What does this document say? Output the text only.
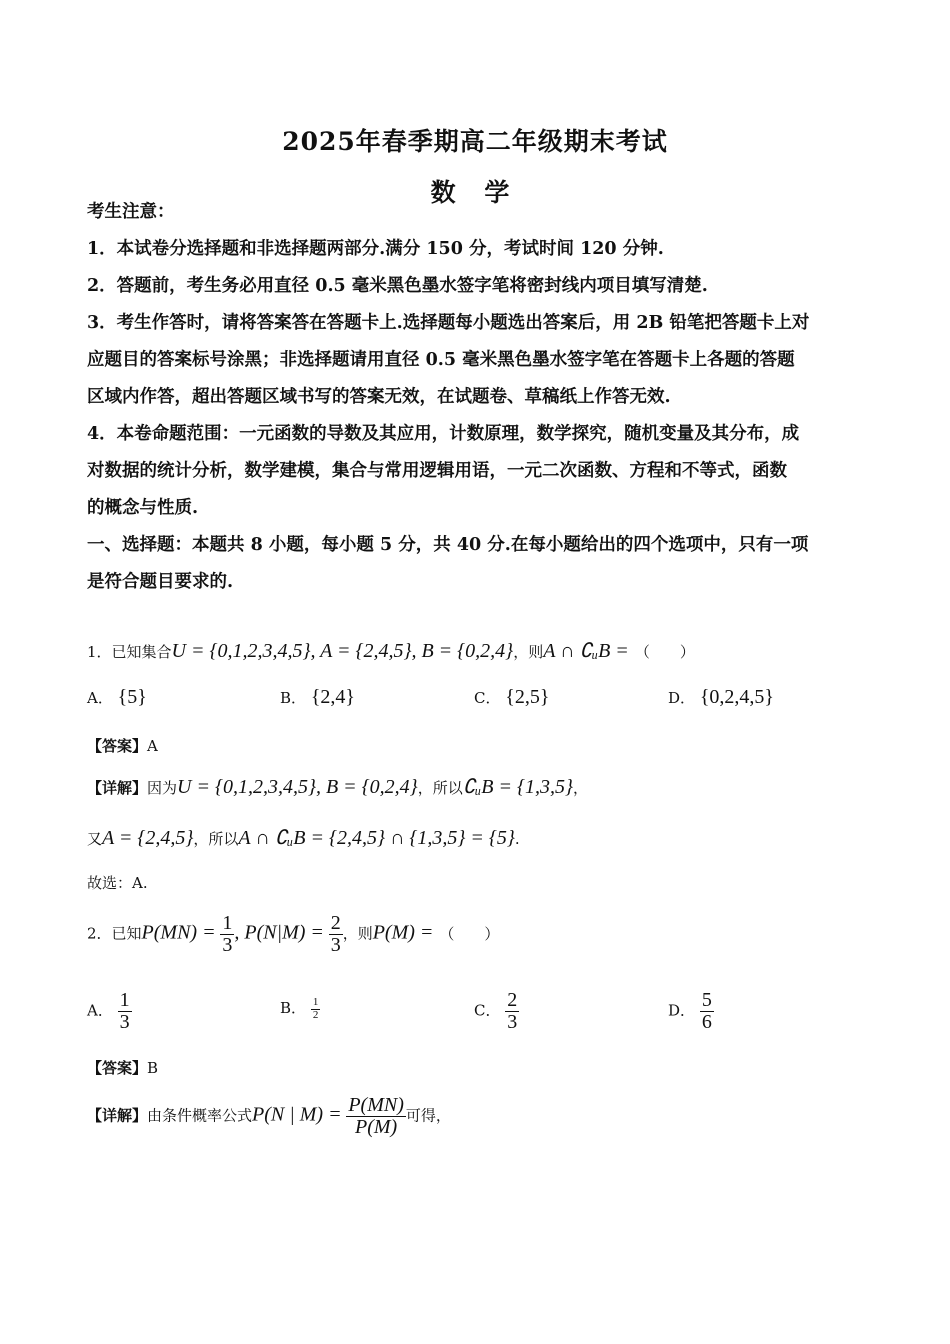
2025年春季期高二年级期末考试
数 学
考生注意：
1．本试卷分选择题和非选择题两部分.满分 150 分，考试时间 120 分钟.
2．答题前，考生务必用直径 0.5 毫米黑色墨水签字笔将密封线内项目填写清楚.
3．考生作答时，请将答案答在答题卡上.选择题每小题选出答案后，用 2B 铅笔把答题卡上对
应题目的答案标号涂黑；非选择题请用直径 0.5 毫米黑色墨水签字笔在答题卡上各题的答题
区域内作答，超出答题区域书写的答案无效，在试题卷、草稿纸上作答无效.
4．本卷命题范围：一元函数的导数及其应用，计数原理，数学探究，随机变量及其分布，成
对数据的统计分析，数学建模，集合与常用逻辑用语，一元二次函数、方程和不等式，函数
的概念与性质.
一、选择题：本题共 8 小题，每小题 5 分，共 40 分.在每小题给出的四个选项中，只有一项
是符合题目要求的.
1．已知集合U = {0,1,2,3,4,5}, A = {2,4,5}, B = {0,2,4}，则A ∩ ∁ᵤB = （　　）
A． {5}	B． {2,4}	C． {2,5}	D． {0,2,4,5}
【答案】A
【详解】因为U = {0,1,2,3,4,5}, B = {0,2,4}，所以∁ᵤB = {1,3,5}，
又A = {2,4,5}，所以A ∩ ∁ᵤB = {2,4,5} ∩ {1,3,5} = {5}.
故选：A.
2．已知$P(MN) = \frac{1}{3}$ , $P(N|M) = \frac{2}{3}$ ，则P(M) = （　　）
A． $\frac{1}{3}$	B． $\frac{1}{2}$	C． $\frac{2}{3}$	D． $\frac{5}{6}$
【答案】B
【详解】由条件概率公式P(N | $M) = \frac{P(MN)}{P(M)}$ 可得，
